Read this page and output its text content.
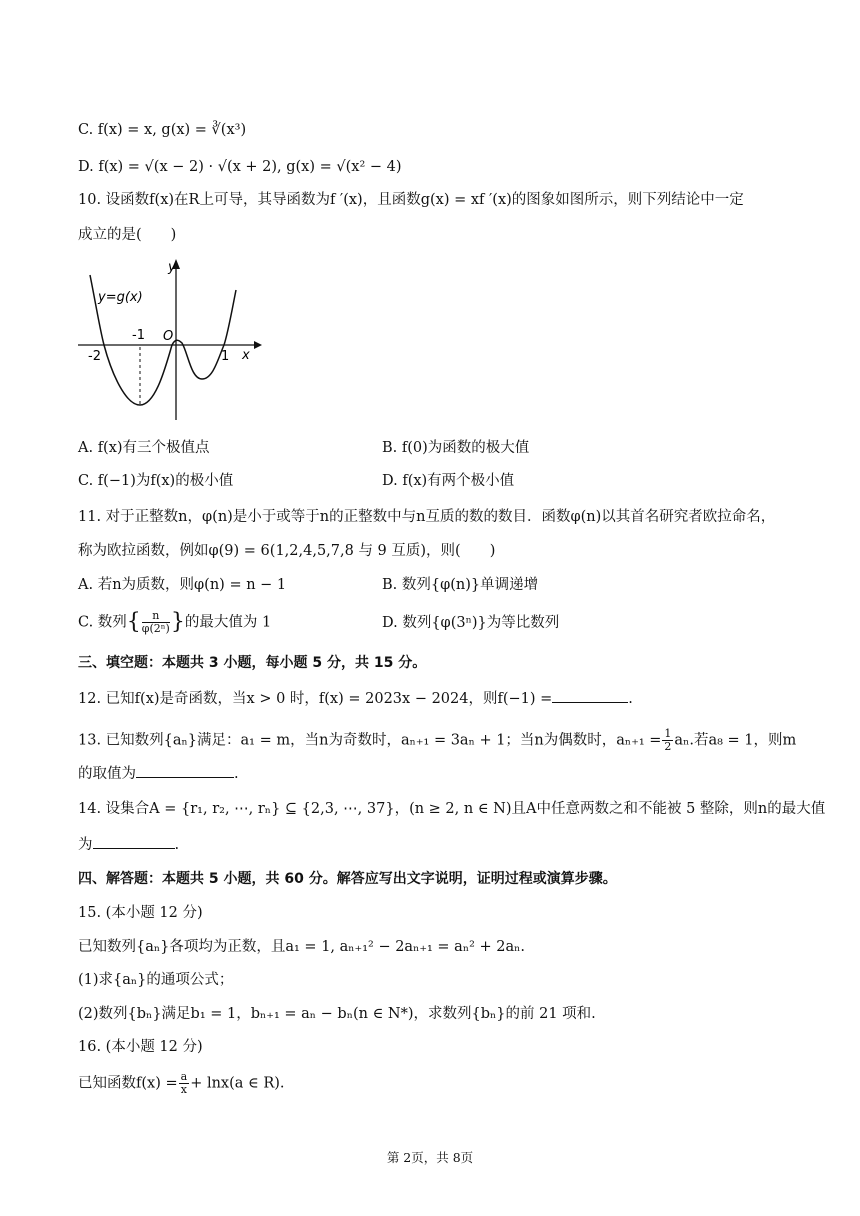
C. f(x) = x, g(x) = ∛(x³)
D. f(x) = √(x − 2) · √(x + 2), g(x) = √(x² − 4)
10. 设函数f(x)在R上可导，其导函数为f ′(x)，且函数g(x) = xf ′(x)的图象如图所示，则下列结论中一定
成立的是(　　)
y=g(x)
y
x
O
-2
-1
1
A. f(x)有三个极值点	B. f(0)为函数的极大值
C. f(−1)为f(x)的极小值	D. f(x)有两个极小值
11. 对于正整数n，φ(n)是小于或等于n的正整数中与n互质的数的数目．函数φ(n)以其首名研究者欧拉命名，
称为欧拉函数，例如φ(9) = 6(1,2,4,5,7,8 与 9 互质)，则(　　)
A. 若n为质数，则φ(n) = n − 1	B. 数列{φ(n)}单调递增
C. 数列{ $\frac{n}{\text{φ(2ⁿ)}}$ }的最大值为 1	D. 数列{φ(3ⁿ)}为等比数列
三、填空题：本题共 3 小题，每小题 5 分，共 15 分。
12. 已知f(x)是奇函数，当x > 0 时，f(x) = 2023x − 2024，则f(−1) =	.
13. 已知数列{aₙ}满足：a₁ = m，当n为奇数时，aₙ₊₁ = 3aₙ + 1；当n为偶数时，$a_{n+1} = \frac{1}{2} a_n$.若a₈ = 1，则m
的取值为	.
14. 设集合A = {r₁, r₂, ⋯, rₙ} ⊆ {2,3, ⋯, 37}，(n ≥ 2, n ∈ N)且A中任意两数之和不能被 5 整除，则n的最大值
为	.
四、解答题：本题共 5 小题，共 60 分。解答应写出文字说明，证明过程或演算步骤。
15. (本小题 12 分)
已知数列{aₙ}各项均为正数，且a₁ = 1, aₙ₊₁² − 2aₙ₊₁ = aₙ² + 2aₙ.
(1)求{aₙ}的通项公式；
(2)数列{bₙ}满足b₁ = 1，bₙ₊₁ = aₙ − bₙ(n ∈ N*)，求数列{bₙ}的前 21 项和.
16. (本小题 12 分)
已知函数$f(x) = \frac{a}{x} + \ln x(a$ ∈ R).
第 2页，共 8页
